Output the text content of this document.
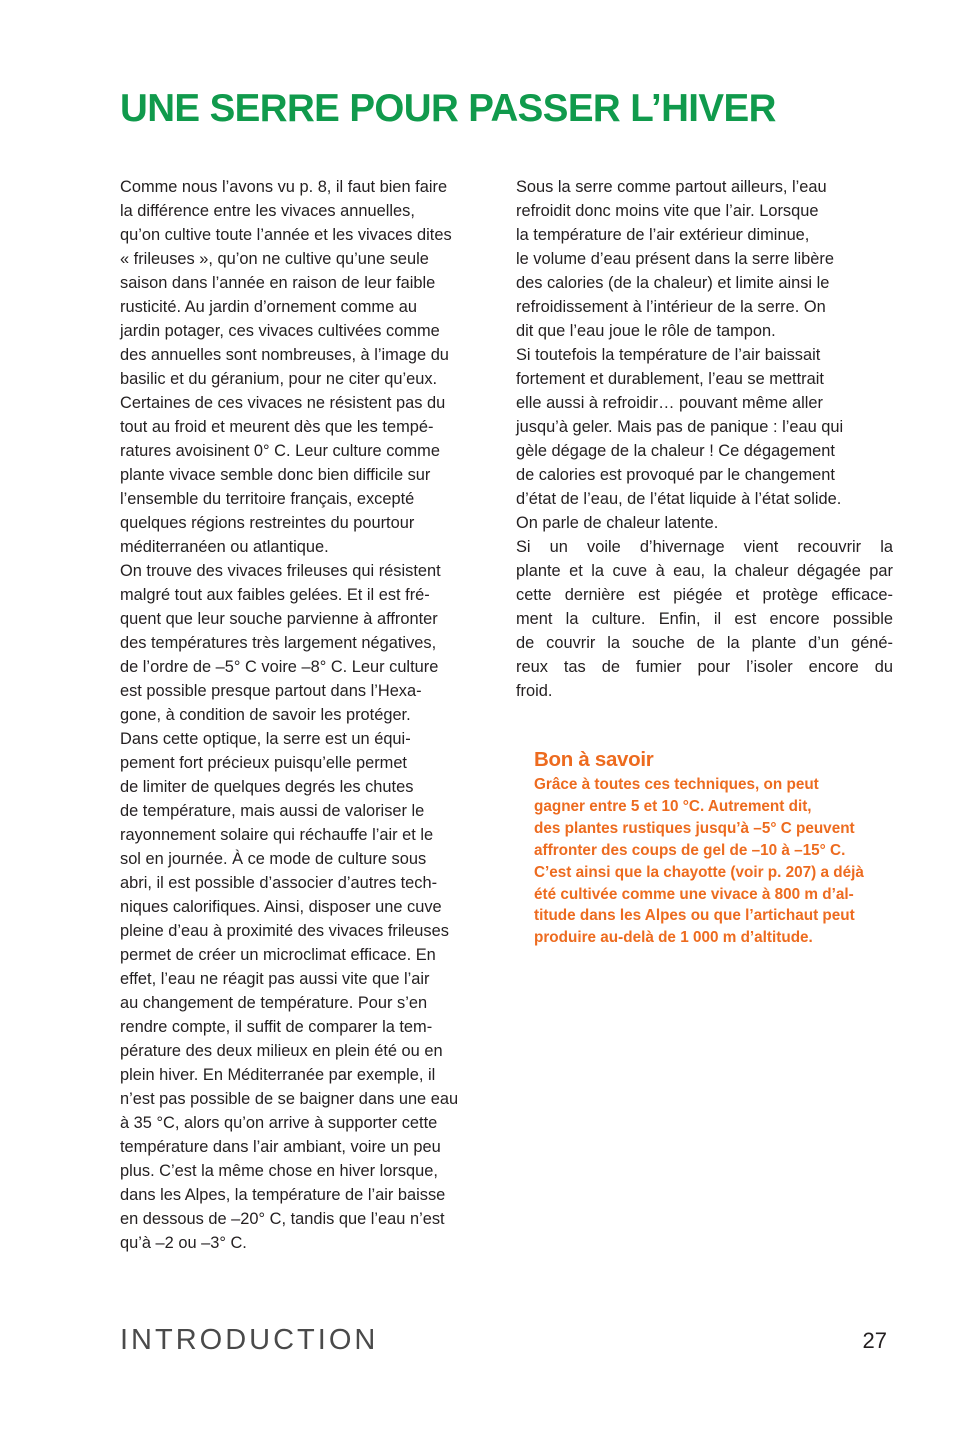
UNE SERRE POUR PASSER L’HIVER
Comme nous l’avons vu p. 8, il faut bien faire
la différence entre les vivaces annuelles,
qu’on cultive toute l’année et les vivaces dites
« frileuses », qu’on ne cultive qu’une seule
saison dans l’année en raison de leur faible
rusticité. Au jardin d’ornement comme au
jardin potager, ces vivaces cultivées comme
des annuelles sont nombreuses, à l’image du
basilic et du géranium, pour ne citer qu’eux.
Certaines de ces vivaces ne résistent pas du
tout au froid et meurent dès que les tempé-
ratures avoisinent 0° C. Leur culture comme
plante vivace semble donc bien difficile sur
l’ensemble du territoire français, excepté
quelques régions restreintes du pourtour
méditerranéen ou atlantique.
On trouve des vivaces frileuses qui résistent
malgré tout aux faibles gelées. Et il est fré-
quent que leur souche parvienne à affronter
des températures très largement négatives,
de l’ordre de –5° C voire –8° C. Leur culture
est possible presque partout dans l’Hexa-
gone, à condition de savoir les protéger.
Dans cette optique, la serre est un équi-
pement fort précieux puisqu’elle permet
de limiter de quelques degrés les chutes
de température, mais aussi de valoriser le
rayonnement solaire qui réchauffe l’air et le
sol en journée. À ce mode de culture sous
abri, il est possible d’associer d’autres tech-
niques calorifiques. Ainsi, disposer une cuve
pleine d’eau à proximité des vivaces frileuses
permet de créer un microclimat efficace. En
effet, l’eau ne réagit pas aussi vite que l’air
au changement de température. Pour s’en
rendre compte, il suffit de comparer la tem-
pérature des deux milieux en plein été ou en
plein hiver. En Méditerranée par exemple, il
n’est pas possible de se baigner dans une eau
à 35 °C, alors qu’on arrive à supporter cette
température dans l’air ambiant, voire un peu
plus. C’est la même chose en hiver lorsque,
dans les Alpes, la température de l’air baisse
en dessous de –20° C, tandis que l’eau n’est
qu’à –2 ou –3° C.
Sous la serre comme partout ailleurs, l’eau
refroidit donc moins vite que l’air. Lorsque
la température de l’air extérieur diminue,
le volume d’eau présent dans la serre libère
des calories (de la chaleur) et limite ainsi le
refroidissement à l’intérieur de la serre. On
dit que l’eau joue le rôle de tampon.
Si toutefois la température de l’air baissait
fortement et durablement, l’eau se mettrait
elle aussi à refroidir… pouvant même aller
jusqu’à geler. Mais pas de panique : l’eau qui
gèle dégage de la chaleur ! Ce dégagement
de calories est provoqué par le changement
d’état de l’eau, de l’état liquide à l’état solide.
On parle de chaleur latente.
Si un voile d’hivernage vient recouvrir la
plante et la cuve à eau, la chaleur dégagée par
cette dernière est piégée et protège efficace-
ment la culture. Enfin, il est encore possible
de couvrir la souche de la plante d’un géné-
reux tas de fumier pour l’isoler encore du
froid.
Bon à savoir
Grâce à toutes ces techniques, on peut
gagner entre 5 et 10 °C. Autrement dit,
des plantes rustiques jusqu’à –5° C peuvent
affronter des coups de gel de –10 à –15° C.
C’est ainsi que la chayotte (voir p. 207) a déjà
été cultivée comme une vivace à 800 m d’al-
titude dans les Alpes ou que l’artichaut peut
produire au-delà de 1 000 m d’altitude.
INTRODUCTION	27
